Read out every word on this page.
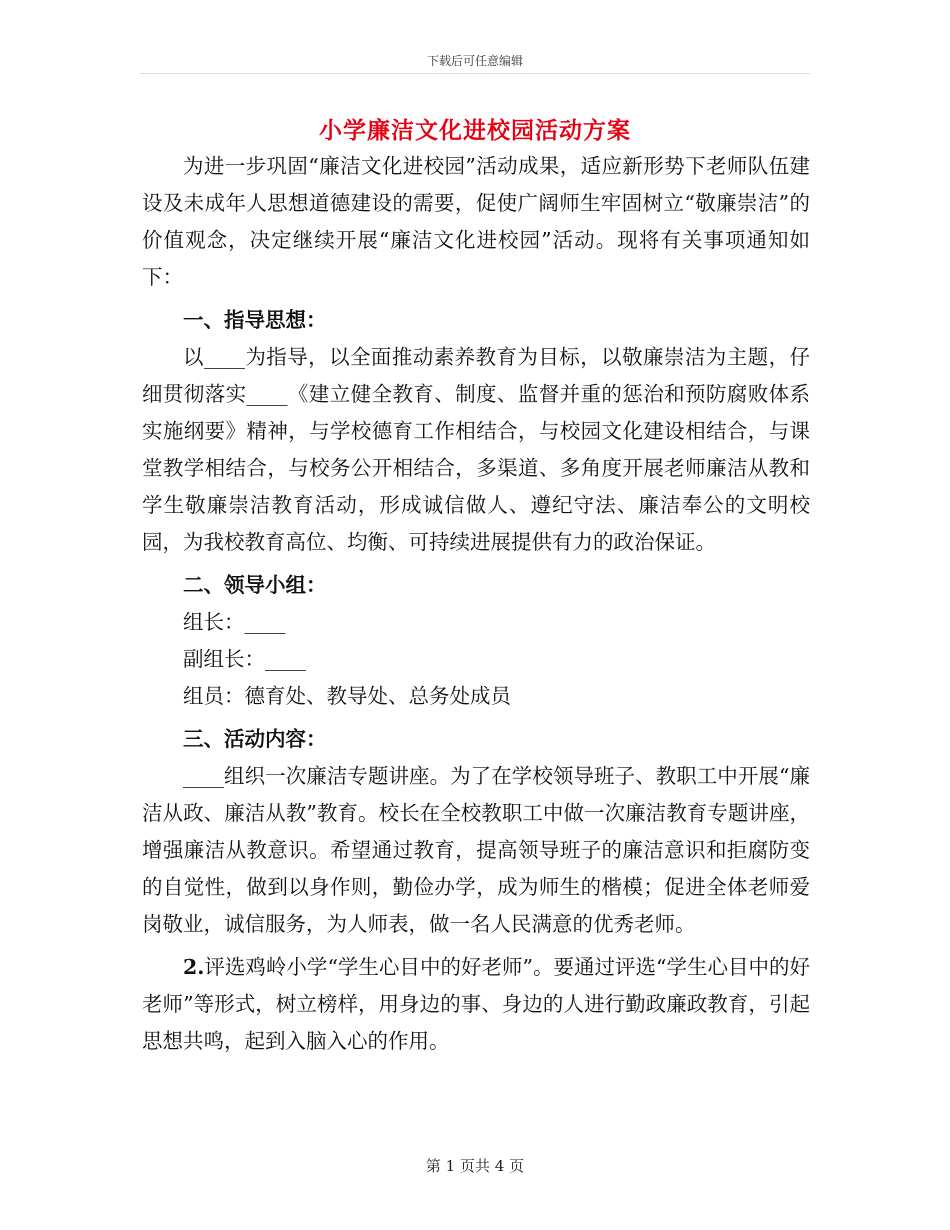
下载后可任意编辑
小学廉洁文化进校园活动方案

为进一步巩固“廉洁文化进校园”活动成果，适应新形势下老师队伍建设及未成年人思想道德建设的需要，促使广阔师生牢固树立“敬廉崇洁”的价值观念，决定继续开展“廉洁文化进校园”活动。现将有关事项通知如下：

一、指导思想：

以____为指导，以全面推动素养教育为目标，以敬廉崇洁为主题，仔细贯彻落实____《建立健全教育、制度、监督并重的惩治和预防腐败体系实施纲要》精神，与学校德育工作相结合，与校园文化建设相结合，与课堂教学相结合，与校务公开相结合，多渠道、多角度开展老师廉洁从教和学生敬廉崇洁教育活动，形成诚信做人、遵纪守法、廉洁奉公的文明校园，为我校教育高位、均衡、可持续进展提供有力的政治保证。

二、领导小组：

组长：____

副组长：____

组员：德育处、教导处、总务处成员

三、活动内容：

____组织一次廉洁专题讲座。为了在学校领导班子、教职工中开展“廉洁从政、廉洁从教”教育。校长在全校教职工中做一次廉洁教育专题讲座，增强廉洁从教意识。希望通过教育，提高领导班子的廉洁意识和拒腐防变的自觉性，做到以身作则，勤俭办学，成为师生的楷模；促进全体老师爱岗敬业，诚信服务，为人师表，做一名人民满意的优秀老师。

2.评选鸡岭小学“学生心目中的好老师”。要通过评选“学生心目中的好老师”等形式，树立榜样，用身边的事、身边的人进行勤政廉政教育，引起思想共鸣，起到入脑入心的作用。

第 1 页共 4 页
